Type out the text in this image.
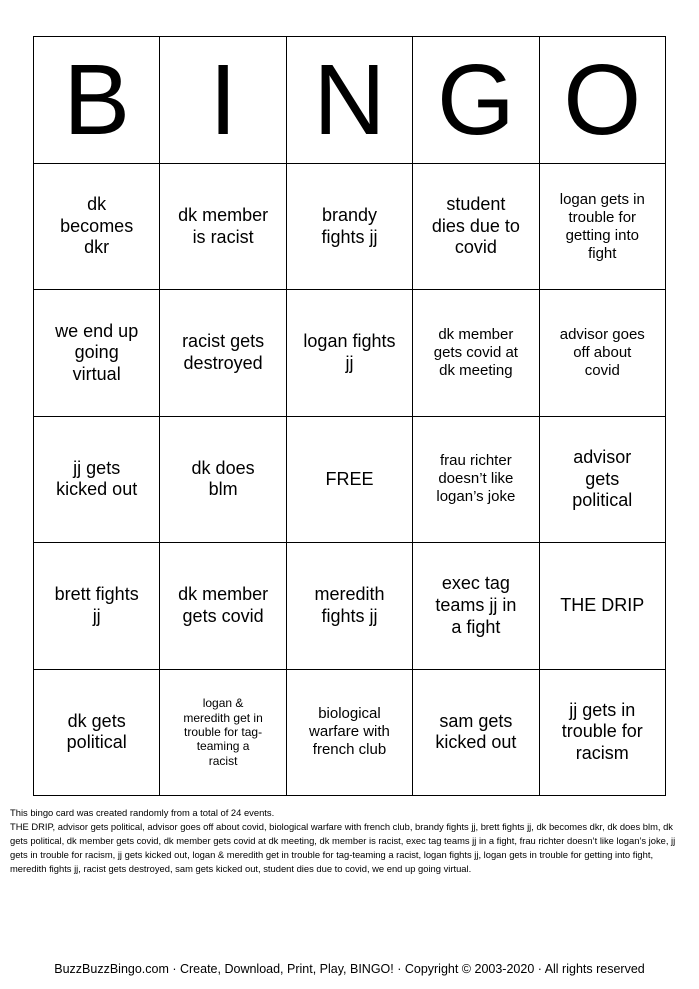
B	I	N	G	O

dk becomes dkr	dk member is racist	brandy fights jj	student dies due to covid	logan gets in trouble for getting into fight

we end up going virtual	racist gets destroyed	logan fights jj	dk member gets covid at dk meeting	advisor goes off about covid

jj gets kicked out	dk does blm	FREE	frau richter doesn’t like logan’s joke	advisor gets political

brett fights jj	dk member gets covid	meredith fights jj	exec tag teams jj in a fight	THE DRIP

dk gets political	logan & meredith get in trouble for tag-teaming a racist	biological warfare with french club	sam gets kicked out	jj gets in trouble for racism

This bingo card was created randomly from a total of 24 events.

THE DRIP, advisor gets political, advisor goes off about covid, biological warfare with french club, brandy fights jj, brett fights jj, dk becomes dkr, dk does blm, dk gets political, dk member gets covid, dk member gets covid at dk meeting, dk member is racist, exec tag teams jj in a fight, frau richter doesn’t like logan’s joke, jj gets in trouble for racism, jj gets kicked out, logan & meredith get in trouble for tag-teaming a racist, logan fights jj, logan gets in trouble for getting into fight, meredith fights jj, racist gets destroyed, sam gets kicked out, student dies due to covid, we end up going virtual.

BuzzBuzzBingo.com · Create, Download, Print, Play, BINGO! · Copyright © 2003-2020 · All rights reserved
